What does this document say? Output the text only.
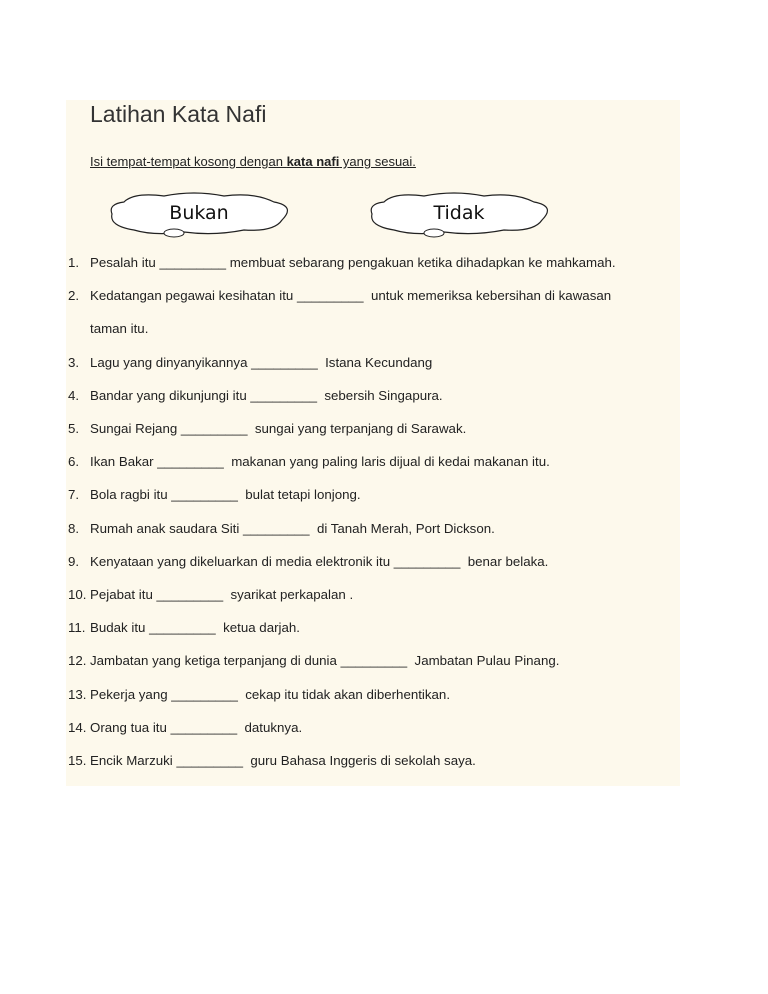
Latihan Kata Nafi
Isi tempat-tempat kosong dengan kata nafi yang sesuai.
Bukan	Tidak
1. Pesalah itu _________ membuat sebarang pengakuan ketika dihadapkan ke mahkamah.
2. Kedatangan pegawai kesihatan itu _________  untuk memeriksa kebersihan di kawasan
taman itu.
3. Lagu yang dinyanyikannya _________  Istana Kecundang
4. Bandar yang dikunjungi itu _________  sebersih Singapura.
5. Sungai Rejang _________  sungai yang terpanjang di Sarawak.
6. Ikan Bakar _________  makanan yang paling laris dijual di kedai makanan itu.
7. Bola ragbi itu _________  bulat tetapi lonjong.
8. Rumah anak saudara Siti _________  di Tanah Merah, Port Dickson.
9. Kenyataan yang dikeluarkan di media elektronik itu _________  benar belaka.
10. Pejabat itu _________  syarikat perkapalan .
11. Budak itu _________  ketua darjah.
12. Jambatan yang ketiga terpanjang di dunia _________  Jambatan Pulau Pinang.
13. Pekerja yang _________  cekap itu tidak akan diberhentikan.
14. Orang tua itu _________  datuknya.
15. Encik Marzuki _________  guru Bahasa Inggeris di sekolah saya.
